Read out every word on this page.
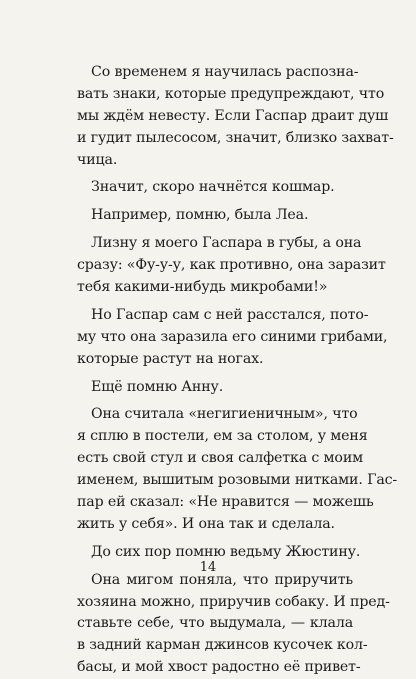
Со временем я научилась распозна-
вать знаки, которые предупреждают, что
мы ждём невесту. Если Гаспар драит душ
и гудит пылесосом, значит, близко захват-
чица.
Значит, скоро начнётся кошмар.
Например, помню, была Леа.
Лизну я моего Гаспара в губы, а она
сразу: «Фу-у-у, как противно, она заразит
тебя какими-нибудь микробами!»
Но Гаспар сам с ней расстался, пото-
му что она заразила его синими грибами,
которые растут на ногах.
Ещё помню Анну.
Она считала «негигиеничным», что
я сплю в постели, ем за столом, у меня
есть свой стул и своя салфетка с моим
именем, вышитым розовыми нитками. Гас-
пар ей сказал: «Не нравится — можешь
жить у себя». И она так и сделала.
До сих пор помню ведьму Жюстину.
Она мигом поняла, что приручить
хозяина можно, приручив собаку. И пред-
ставьте себе, что выдумала, — клала
в задний карман джинсов кусочек кол-
басы, и мой хвост радостно её привет-
14
